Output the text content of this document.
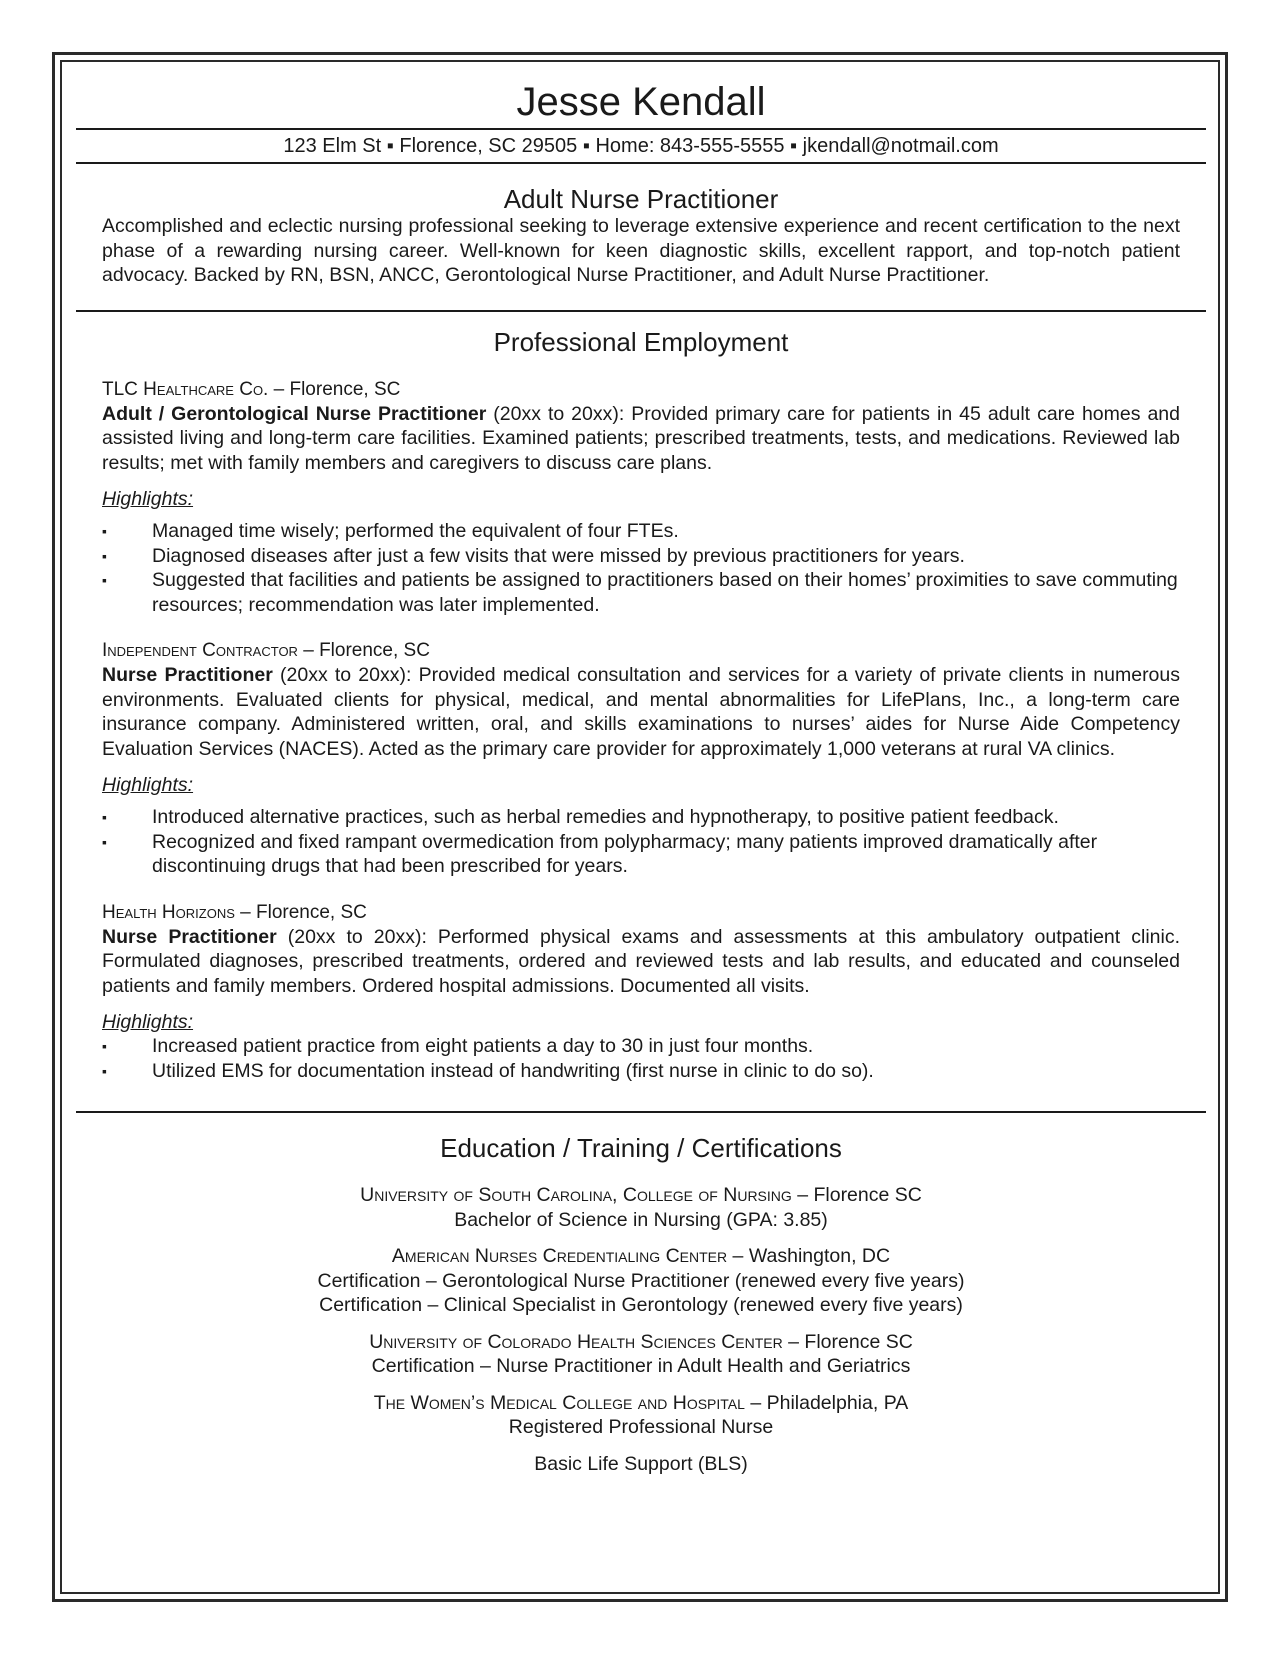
Jesse Kendall
123 Elm St ▪ Florence, SC 29505 ▪ Home: 843-555-5555 ▪ jkendall@notmail.com
Adult Nurse Practitioner

Accomplished and eclectic nursing professional seeking to leverage extensive experience and recent certification to the next phase of a rewarding nursing career. Well-known for keen diagnostic skills, excellent rapport, and top-notch patient advocacy. Backed by RN, BSN, ANCC, Gerontological Nurse Practitioner, and Adult Nurse Practitioner.

Professional Employment

TLC Healthcare Co. – Florence, SC

Adult / Gerontological Nurse Practitioner (20xx to 20xx): Provided primary care for patients in 45 adult care homes and assisted living and long-term care facilities. Examined patients; prescribed treatments, tests, and medications. Reviewed lab results; met with family members and caregivers to discuss care plans.

Highlights:

▪ Managed time wisely; performed the equivalent of four FTEs.
▪ Diagnosed diseases after just a few visits that were missed by previous practitioners for years.
▪ Suggested that facilities and patients be assigned to practitioners based on their homes’ proximities to save commuting resources; recommendation was later implemented.

Independent Contractor – Florence, SC

Nurse Practitioner (20xx to 20xx): Provided medical consultation and services for a variety of private clients in numerous environments. Evaluated clients for physical, medical, and mental abnormalities for LifePlans, Inc., a long-term care insurance company. Administered written, oral, and skills examinations to nurses’ aides for Nurse Aide Competency Evaluation Services (NACES). Acted as the primary care provider for approximately 1,000 veterans at rural VA clinics.

Highlights:

▪ Introduced alternative practices, such as herbal remedies and hypnotherapy, to positive patient feedback.
▪ Recognized and fixed rampant overmedication from polypharmacy; many patients improved dramatically after discontinuing drugs that had been prescribed for years.

Health Horizons – Florence, SC

Nurse Practitioner (20xx to 20xx): Performed physical exams and assessments at this ambulatory outpatient clinic. Formulated diagnoses, prescribed treatments, ordered and reviewed tests and lab results, and educated and counseled patients and family members. Ordered hospital admissions. Documented all visits.

Highlights:

▪ Increased patient practice from eight patients a day to 30 in just four months.
▪ Utilized EMS for documentation instead of handwriting (first nurse in clinic to do so).
Education / Training / Certifications

University of South Carolina, College of Nursing – Florence SC

Bachelor of Science in Nursing (GPA: 3.85)

American Nurses Credentialing Center – Washington, DC

Certification – Gerontological Nurse Practitioner (renewed every five years)

Certification – Clinical Specialist in Gerontology (renewed every five years)

University of Colorado Health Sciences Center – Florence SC

Certification – Nurse Practitioner in Adult Health and Geriatrics

The Women’s Medical College and Hospital – Philadelphia, PA

Registered Professional Nurse

Basic Life Support (BLS)
